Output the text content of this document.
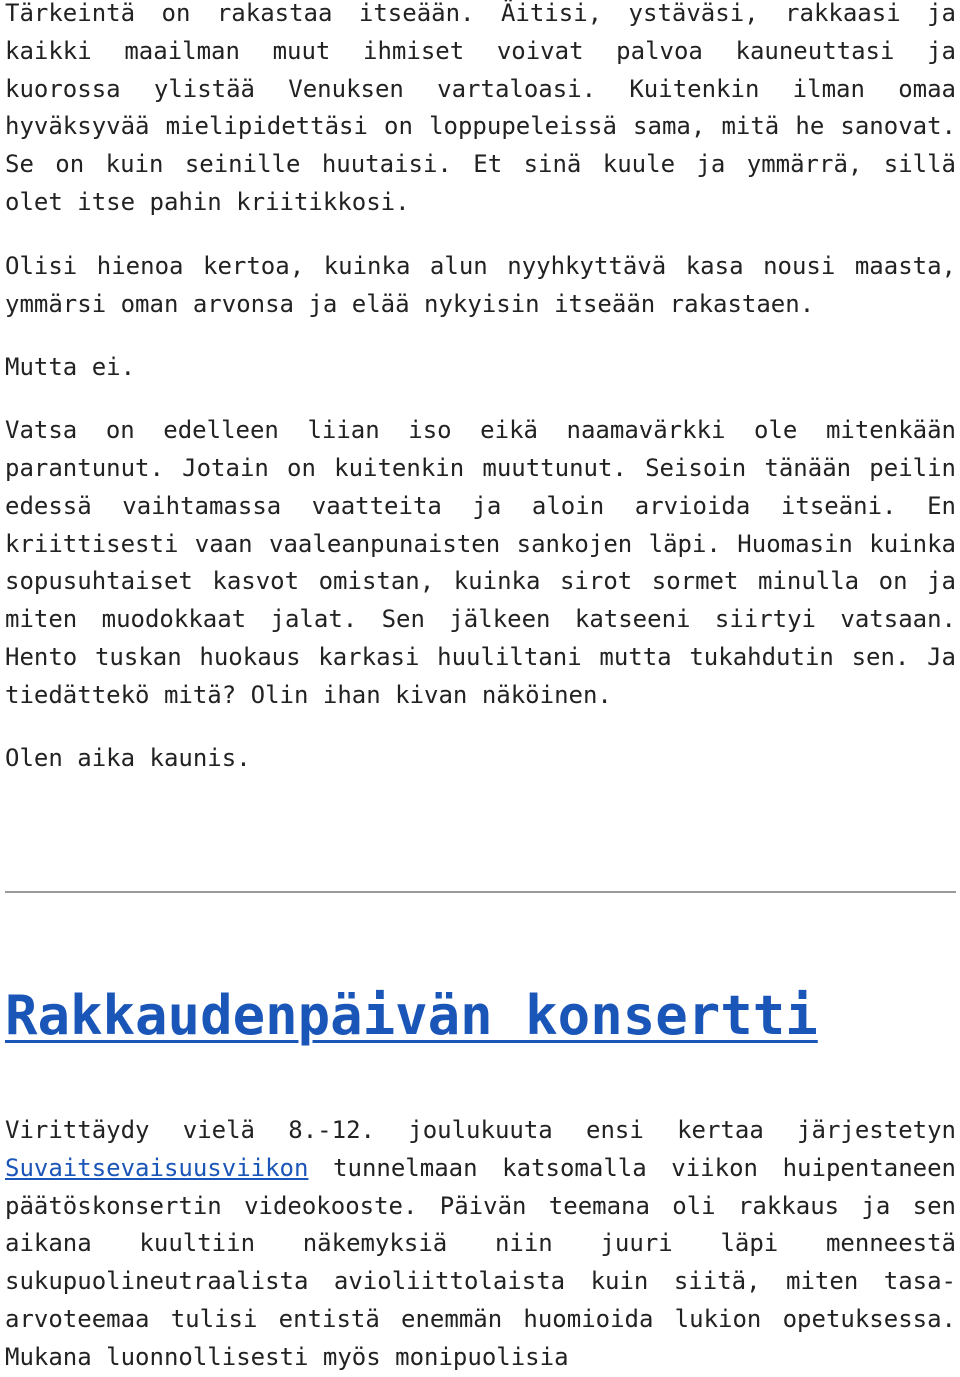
Tärkeintä on rakastaa itseään. Äitisi, ystäväsi, rakkaasi ja kaikki maailman muut ihmiset voivat palvoa kauneuttasi ja kuorossa ylistää Venuksen vartaloasi. Kuitenkin ilman omaa hyväksyvää mielipidettäsi on loppupeleissä sama, mitä he sanovat. Se on kuin seinille huutaisi. Et sinä kuule ja ymmärrä, sillä olet itse pahin kriitikkosi.

Olisi hienoa kertoa, kuinka alun nyyhkyttävä kasa nousi maasta, ymmärsi oman arvonsa ja elää nykyisin itseään rakastaen.

Mutta ei.

Vatsa on edelleen liian iso eikä naamavärkki ole mitenkään parantunut. Jotain on kuitenkin muuttunut. Seisoin tänään peilin edessä vaihtamassa vaatteita ja aloin arvioida itseäni. En kriittisesti vaan vaaleanpunaisten sankojen läpi. Huomasin kuinka sopusuhtaiset kasvot omistan, kuinka sirot sormet minulla on ja miten muodokkaat jalat. Sen jälkeen katseeni siirtyi vatsaan. Hento tuskan huokaus karkasi huuliltani mutta tukahdutin sen. Ja tiedättekö mitä? Olin ihan kivan näköinen.

Olen aika kaunis.

Rakkaudenpäivän konsertti

Virittäydy vielä 8.-12. joulukuuta ensi kertaa järjestetyn Suvaitsevaisuusviikon tunnelmaan katsomalla viikon huipentaneen päätöskonsertin videokooste. Päivän teemana oli rakkaus ja sen aikana kuultiin näkemyksiä niin juuri läpi menneestä sukupuolineutraalista avioliittolaista kuin siitä, miten tasa-arvoteemaa tulisi entistä enemmän huomioida lukion opetuksessa. Mukana luonnollisesti myös monipuolisia
